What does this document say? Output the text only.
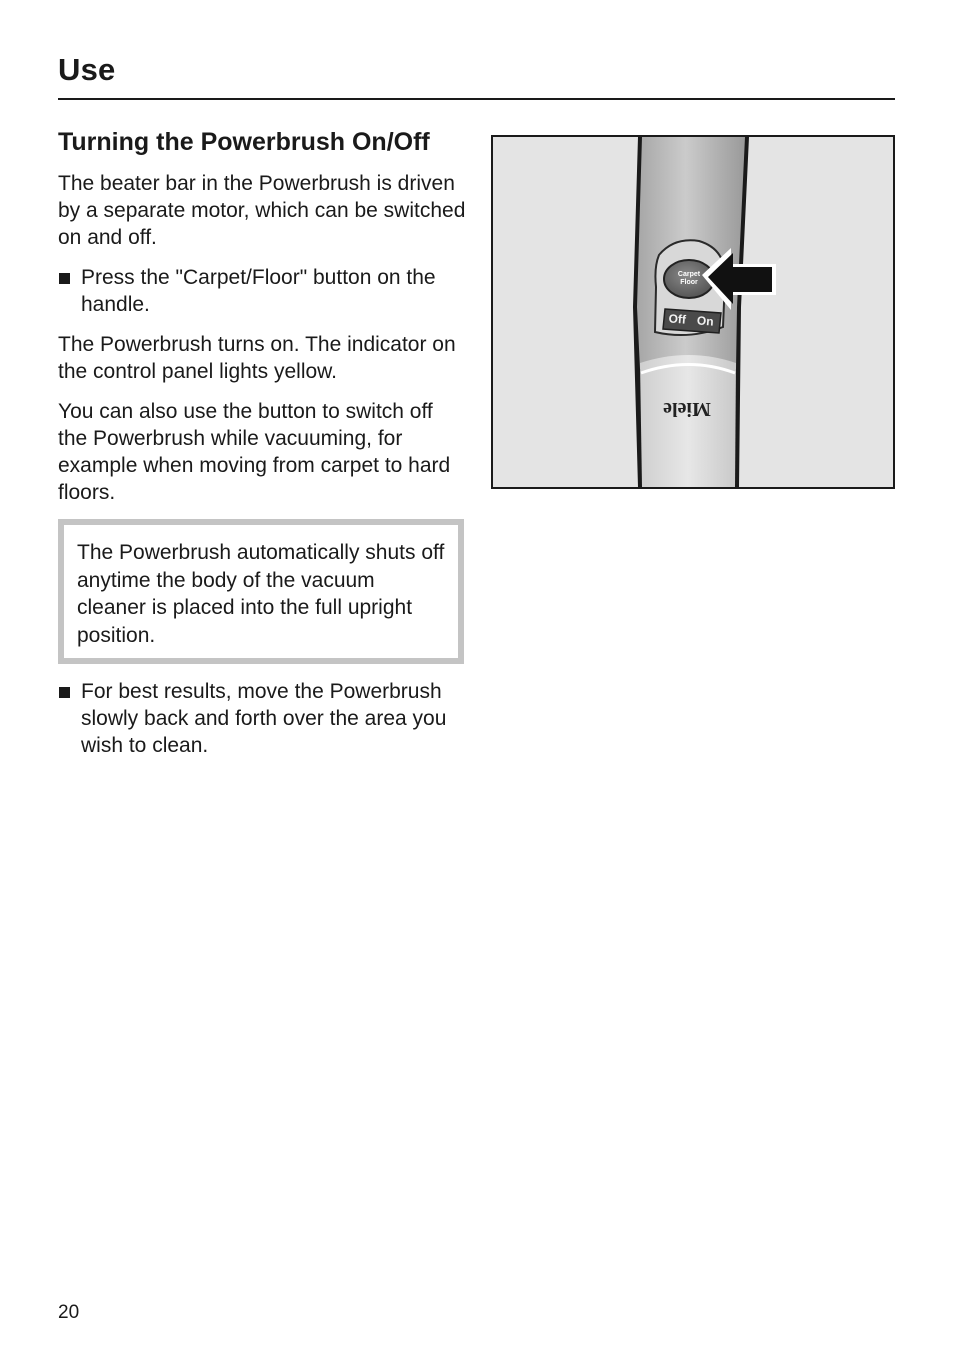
Use
Turning the Powerbrush On/Off

The beater bar in the Powerbrush is driven by a separate motor, which can be switched on and off.

Press the "Carpet/Floor" button on the handle.

The Powerbrush turns on. The indicator on the control panel lights yellow.

You can also use the button to switch off the Powerbrush while vacuuming, for example when moving from carpet to hard floors.

The Powerbrush automatically shuts off anytime the body of the vacuum cleaner is placed into the full upright position.
For best results, move the Powerbrush slowly back and forth over the area you wish to clean.
Carpet
Floor
Off On
Miele
20
